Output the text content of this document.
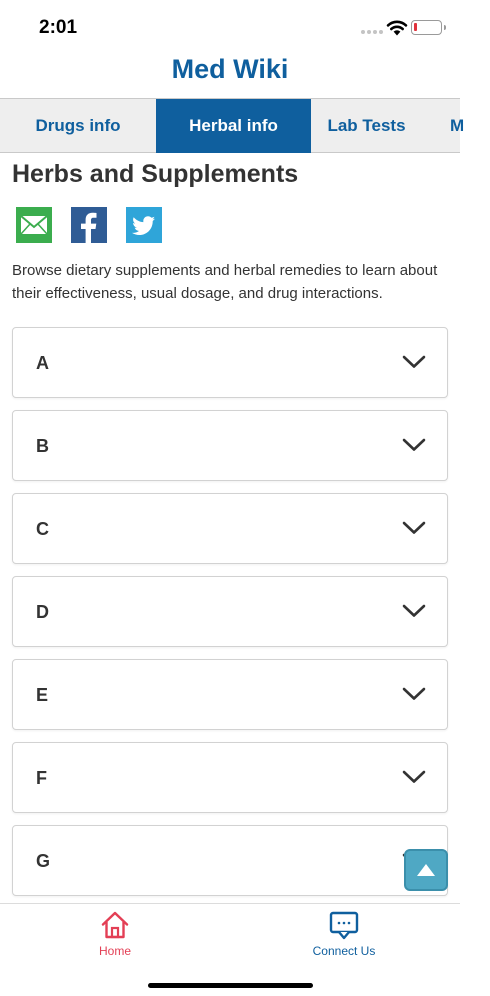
2:01
Med Wiki
Drugs info	Herbal info	Lab Tests	M
Herbs and Supplements

Browse dietary supplements and herbal remedies to learn about their effectiveness, usual dosage, and drug interactions.

A
B
C
D
E
F
G
Home	Connect Us
